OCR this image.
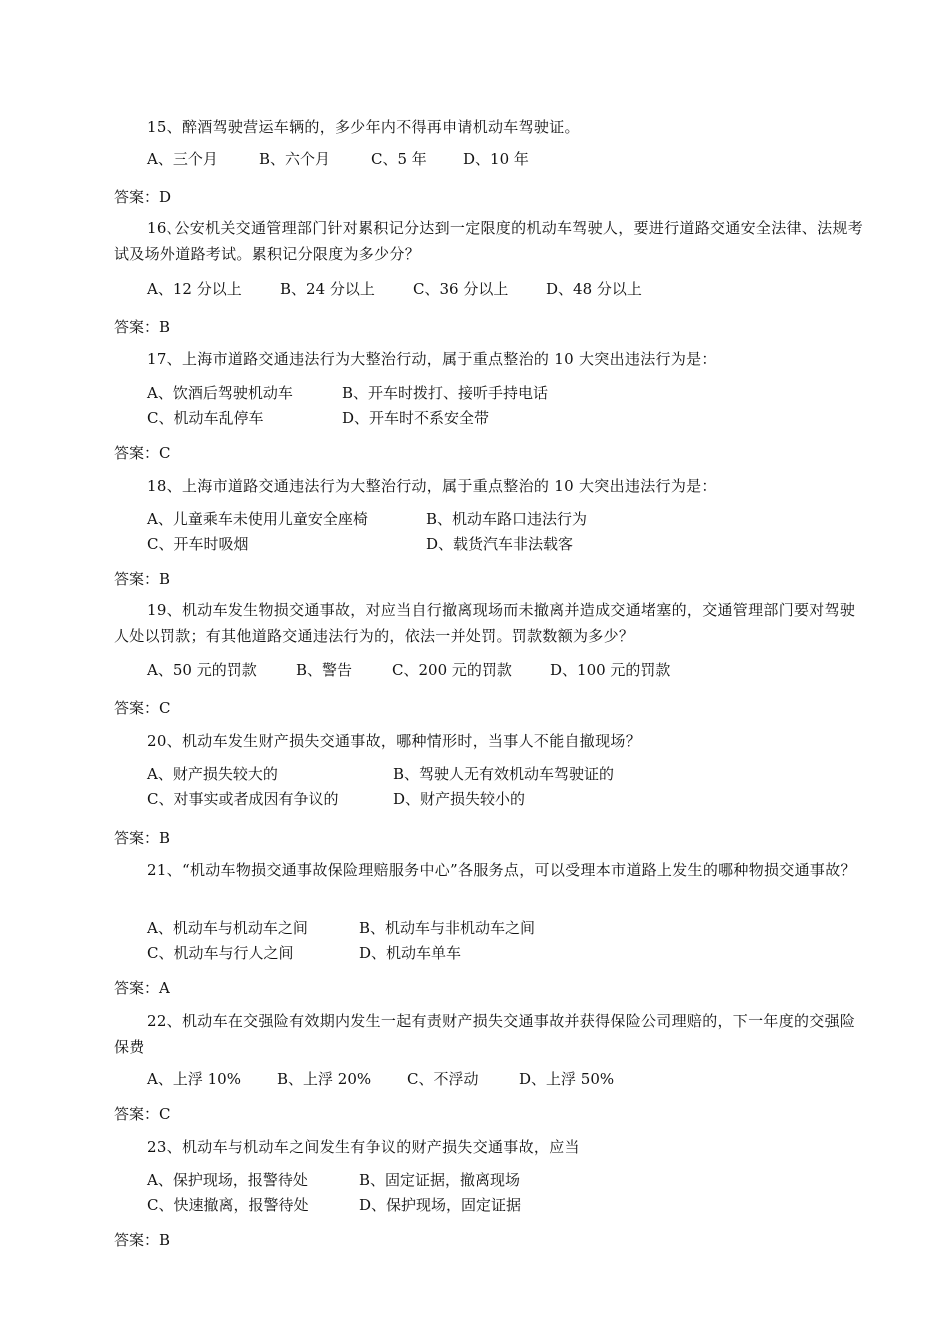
15、醉酒驾驶营运车辆的，多少年内不得再申请机动车驾驶证。
A、三个月	B、六个月	C、5 年 D、10 年
答案：D
16､公安机关交通管理部门针对累积记分达到一定限度的机动车驾驶人，要进行道路交通安全法律、法规考试及场外道路考试。累积记分限度为多少分？
A、12 分以上	B、24 分以上	C、36 分以上	D、48 分以上
答案：B
17、上海市道路交通违法行为大整治行动，属于重点整治的 10 大突出违法行为是：
A、饮酒后驾驶机动车	B、开车时拨打、接听手持电话
C、机动车乱停车	D、开车时不系安全带
答案：C
18、上海市道路交通违法行为大整治行动，属于重点整治的 10 大突出违法行为是：
A、儿童乘车未使用儿童安全座椅	B、机动车路口违法行为
C、开车时吸烟	D、载货汽车非法载客
答案：B
19、机动车发生物损交通事故，对应当自行撤离现场而未撤离并造成交通堵塞的，交通管理部门要对驾驶人处以罚款；有其他道路交通违法行为的，依法一并处罚。罚款数额为多少？
A、50 元的罚款	B、警告	C、200 元的罚款	D、100 元的罚款
答案：C
20、机动车发生财产损失交通事故，哪种情形时，当事人不能自撤现场？
A、财产损失较大的	B、驾驶人无有效机动车驾驶证的
C、对事实或者成因有争议的	D、财产损失较小的
答案：B
21、“机动车物损交通事故保险理赔服务中心”各服务点，可以受理本市道路上发生的哪种物损交通事故？
A、机动车与机动车之间	B、机动车与非机动车之间
C、机动车与行人之间	D、机动车单车
答案：A
22、机动车在交强险有效期内发生一起有责财产损失交通事故并获得保险公司理赔的，下一年度的交强险保费
A、上浮 10% B、上浮 20% C、不浮动	D、上浮 50%
答案：C
23、机动车与机动车之间发生有争议的财产损失交通事故，应当
A、保护现场，报警待处	B、固定证据，撤离现场
C、快速撤离，报警待处	D、保护现场，固定证据
答案：B
